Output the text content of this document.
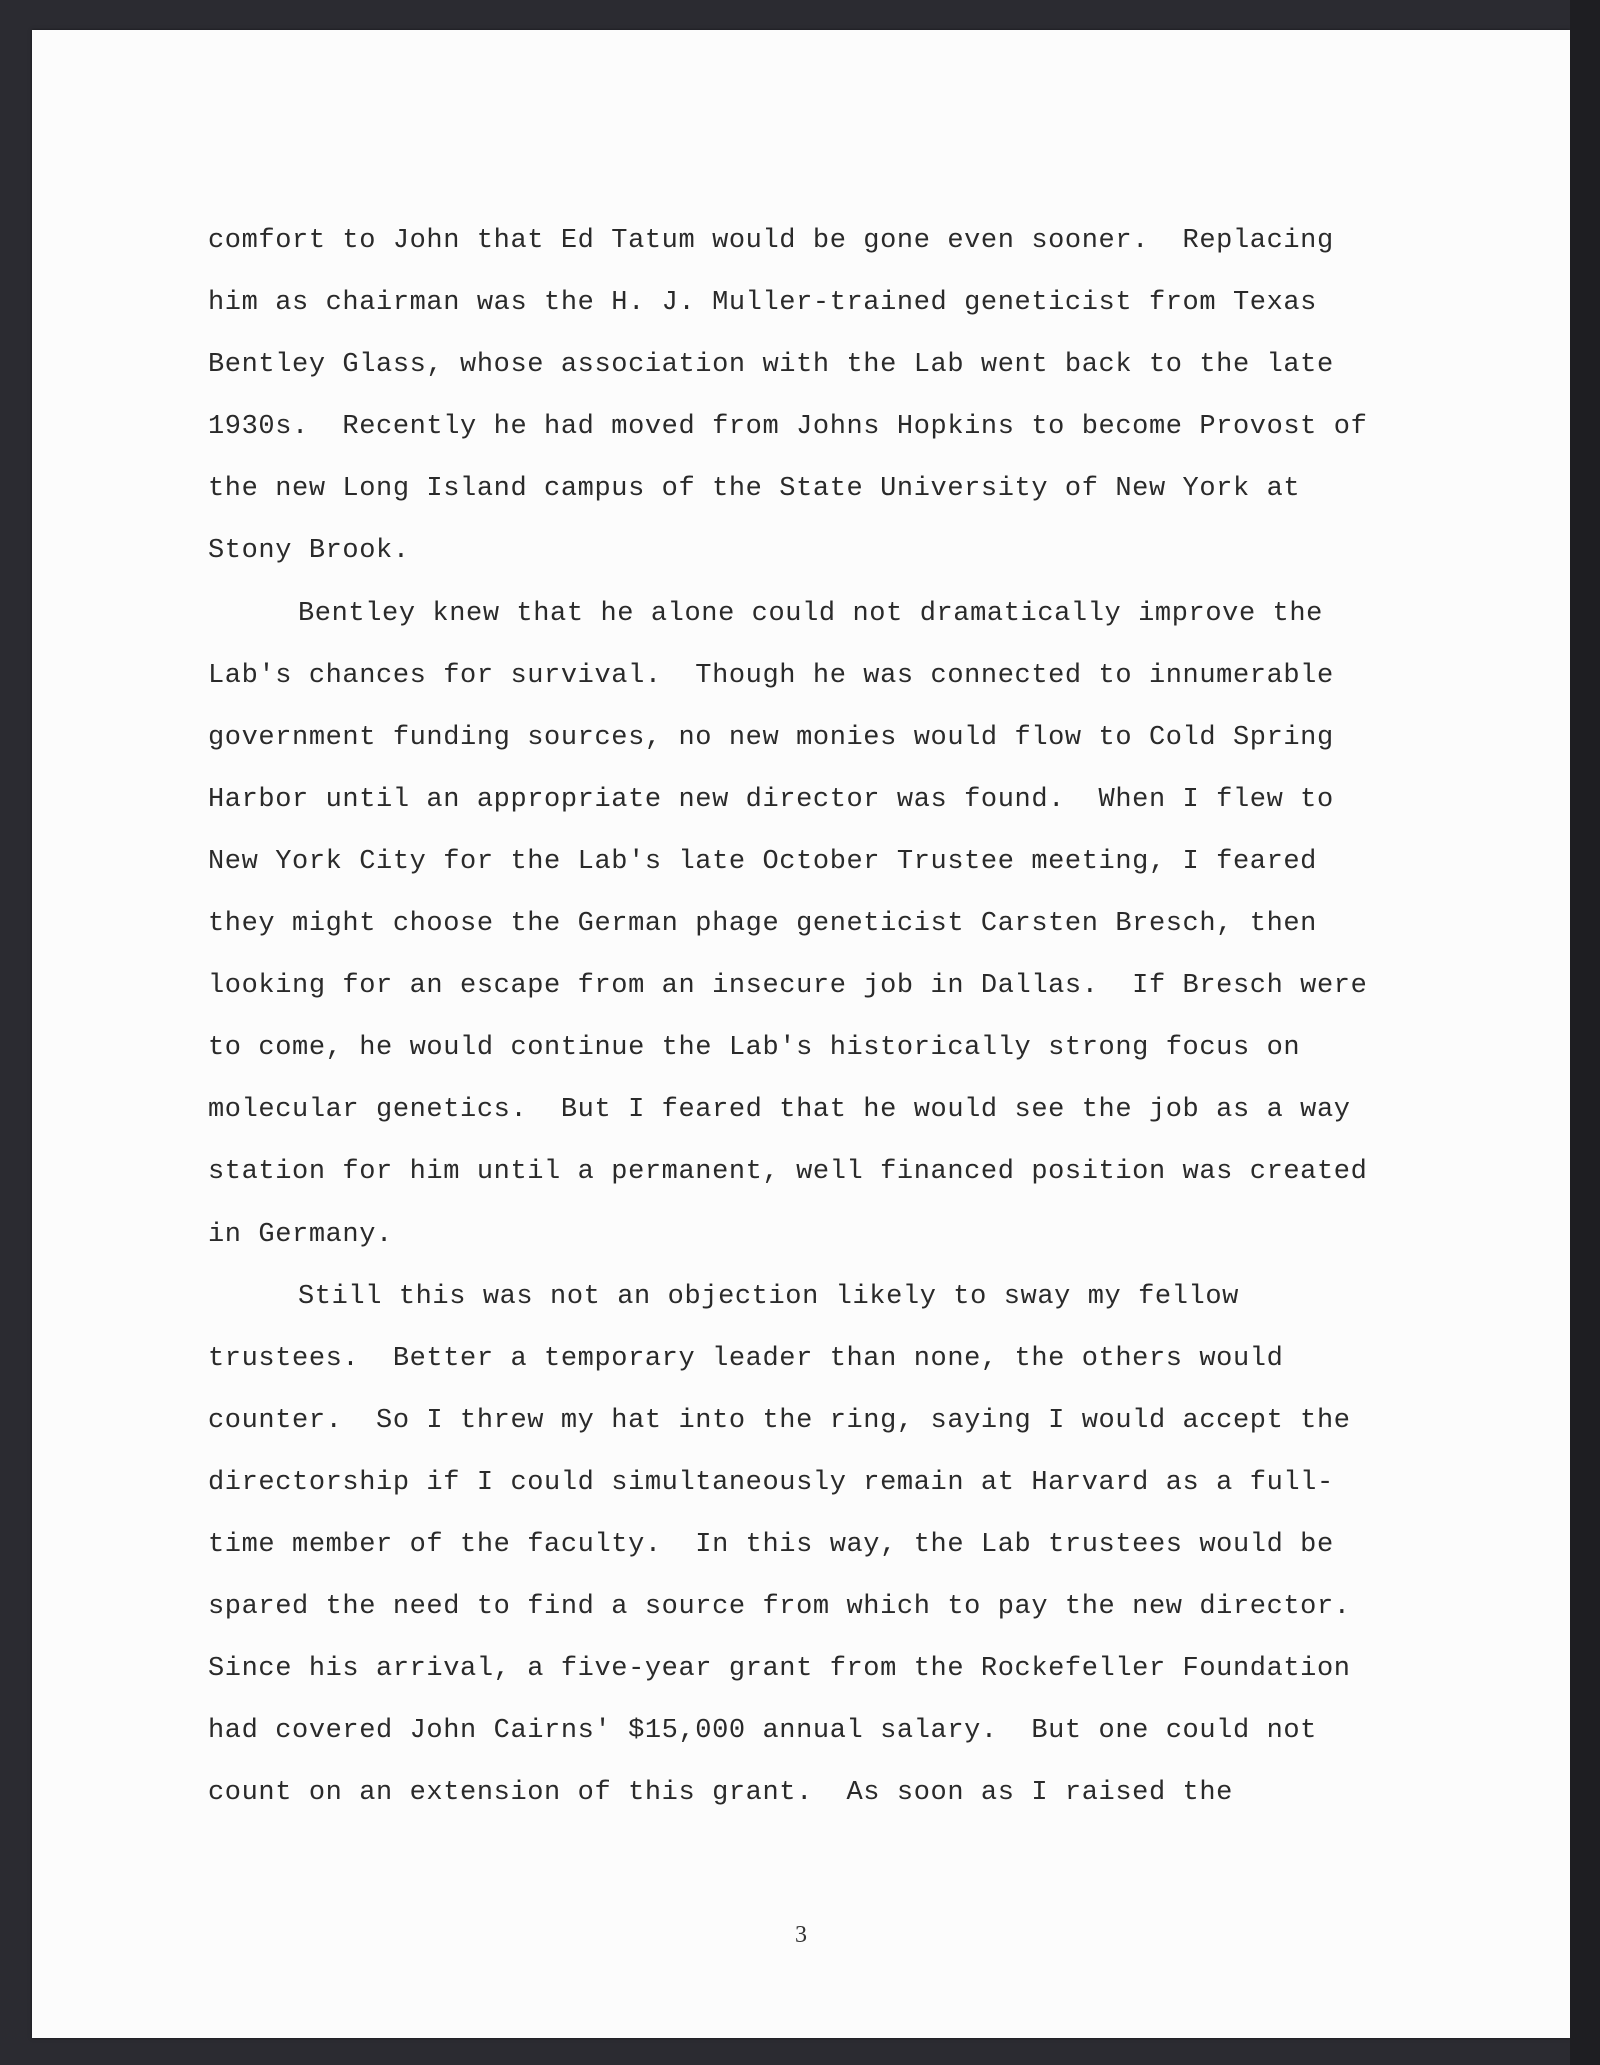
comfort to John that Ed Tatum would be gone even sooner.  Replacing
him as chairman was the H. J. Muller-trained geneticist from Texas
Bentley Glass, whose association with the Lab went back to the late
1930s.  Recently he had moved from Johns Hopkins to become Provost of
the new Long Island campus of the State University of New York at
Stony Brook.
Bentley knew that he alone could not dramatically improve the
Lab's chances for survival.  Though he was connected to innumerable
government funding sources, no new monies would flow to Cold Spring
Harbor until an appropriate new director was found.  When I flew to
New York City for the Lab's late October Trustee meeting, I feared
they might choose the German phage geneticist Carsten Bresch, then
looking for an escape from an insecure job in Dallas.  If Bresch were
to come, he would continue the Lab's historically strong focus on
molecular genetics.  But I feared that he would see the job as a way
station for him until a permanent, well financed position was created
in Germany.
Still this was not an objection likely to sway my fellow
trustees.  Better a temporary leader than none, the others would
counter.  So I threw my hat into the ring, saying I would accept the
directorship if I could simultaneously remain at Harvard as a full-
time member of the faculty.  In this way, the Lab trustees would be
spared the need to find a source from which to pay the new director.
Since his arrival, a five-year grant from the Rockefeller Foundation
had covered John Cairns' $15,000 annual salary.  But one could not
count on an extension of this grant.  As soon as I raised the
3
